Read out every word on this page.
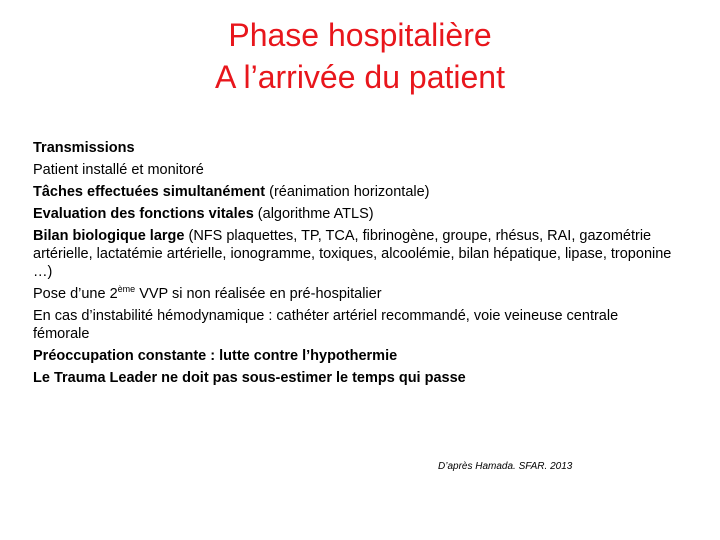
Phase hospitalière
A l’arrivée du patient
Transmissions
Patient installé et monitoré
Tâches effectuées simultanément (réanimation horizontale)
Evaluation des fonctions vitales (algorithme ATLS)
Bilan biologique large (NFS plaquettes, TP, TCA, fibrinogène, groupe, rhésus, RAI, gazométrie artérielle, lactatémie artérielle, ionogramme, toxiques, alcoolémie, bilan hépatique, lipase, troponine …)
Pose d’une 2ème VVP si non réalisée en pré-hospitalier
En cas d’instabilité hémodynamique : cathéter artériel recommandé, voie veineuse centrale fémorale
Préoccupation constante : lutte contre l’hypothermie
Le Trauma Leader ne doit pas sous-estimer le temps qui passe
D’après Hamada. SFAR. 2013
